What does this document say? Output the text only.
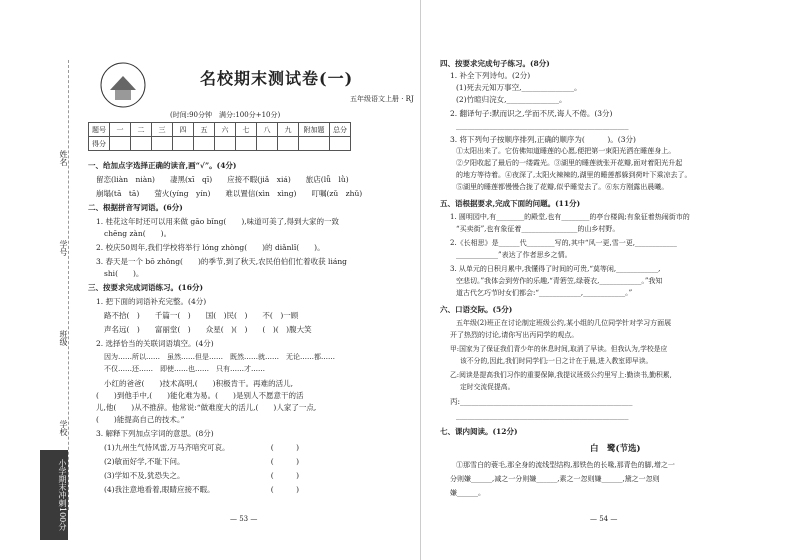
姓名
学号
班级
学校
小学期末冲刺100分
名校期末测试卷(一)
五年级语文上册 · RJ
(时间:90分钟　满分:100分+10分)
题号	一	二	三	四	五	六	七	八	九	附加题	总分
得分											
一、给加点字选择正确的读音,画“√”。(4分)
留恋(liàn　niàn)　　凄黑(xī　qī)　　应接不暇(jiǎ　xiá)　　旅店(lǚ　lǜ)
崩塌(tā　tā)　　萤火(yíng　yín)　　难以置信(xìn　xìng)　　叮嘱(zǔ　zhǔ)
二、根据拼音写词语。(6分)
1. 桂花这年时还可以用来做 gāo bǐng(　　),味道可美了,得到大家的一致
chēng zàn(　　)。
2. 校庆50周年,我们学校将举行 lóng zhòng(　　)的 diǎnlǐ(　　)。
3. 春天是一个 bō zhǒng(　　)的季节,到了秋天,农民伯伯们忙着收获 liáng
shi(　　)。
三、按要求完成词语练习。(16分)
1. 把下面的词语补充完整。(4分)
路不拾(　)　　千篇一(　)　　国(　)民(　)　　不(　)一顾
声名远(　)　　富丽堂(　)　　众星(　)(　)　　(　)(　)腹大笑
2. 选择恰当的关联词语填空。(4分)
因为……所以……　虽然……但是……　既然……就……　无论……都……
不仅……还……　即使……也……　只有……才……
小红的爸爸(　　)技术高明,(　　)积极肯干。再难的活儿,
(　　)到他手中,(　　)能化难为易。(　　)是别人不愿意干的活
儿,他(　　)从不推辞。他常说:“做难度大的活儿,(　　)人家了一点,
(　　)能提高自己的技术。”
3. 解释下列加点字词的意思。(8分)
(1)九州生气恃风雷,万马齐喑究可哀。　　　　　　(　　　)
(2)敏而好学,不耻下问。　　　　　　　　　　　　(　　　)
(3)学如不及,犹恐失之。　　　　　　　　　　　　(　　　)
(4)我注意地看着,眼睛应接不暇。　　　　　　　　(　　　)
— 53 —
四、按要求完成句子练习。(8分)
1. 补全下列诗句。(2分)
(1)死去元知万事空,______________。
(2)竹暄归浣女,______________。
2. 翻译句子:默而识之,学而不厌,诲人不倦。(3分)
______________________________________________
3. 将下列句子按顺序排列,正确的顺序为(　　　)。(3分)
①太阳出来了。它仿佛知道睡莲的心愿,便把第一束阳光洒在睡莲身上。
②夕阳收起了最后的一缕霞光。③湖里的睡莲就张开花瓣,面对着阳光升起
的地方等待着。④夜深了,太阳火辣辣的,湖里的睡莲都躲到荷叶下乘凉去了。
⑤湖里的睡莲都慢慢合拢了花瓣,似乎睡觉去了。⑥东方刚露出晨曦。
五、语根据要求,完成下面的问题。(11分)
1. 圆明园中,有________的殿堂,也有________的亭台楼阁;有象征着热闹街市的
“买卖街”,也有象征着________________的山乡村野。
2.《长相思》是______代________写的,其中“风一更,雪一更,____________
____________”表达了作者思乡之情。
3. 从单元的日积月累中,我懂得了时间的可贵,“莫等闲,____________,
空悲切。”我体会到劳作的乐趣,“青箬笠,绿蓑衣,____________。”我知
道古代乞巧节时女们都会:“____________,____________。”
六、口语交际。(5分)
五年级(2)班正在讨论制定班级公约,某小组的几位同学针对学习方面展
开了热烈的讨论,请你写出丙同学的观点。
甲:国家为了保证我们青少年的休息时间,取消了早读。但我认为,学校是应
该不分的,因此,我们时同学们;一日之计在于晨,进入教室即早读。
乙:阅读是提高我们习作的重要保障,我提议班级公约里写上:勤读书,勤积累,
定时交流促提高。
丙:______________________________________________
______________________________________________
七、课内阅读。(12分)
白　鹭(节选)
①那雪白的蓑毛,那全身的流线型结构,那铁色的长喙,那青色的脚,增之一
分则嫌______,减之一分则嫌______,素之一忽则嫌______,黛之一忽则
嫌______。
— 54 —
